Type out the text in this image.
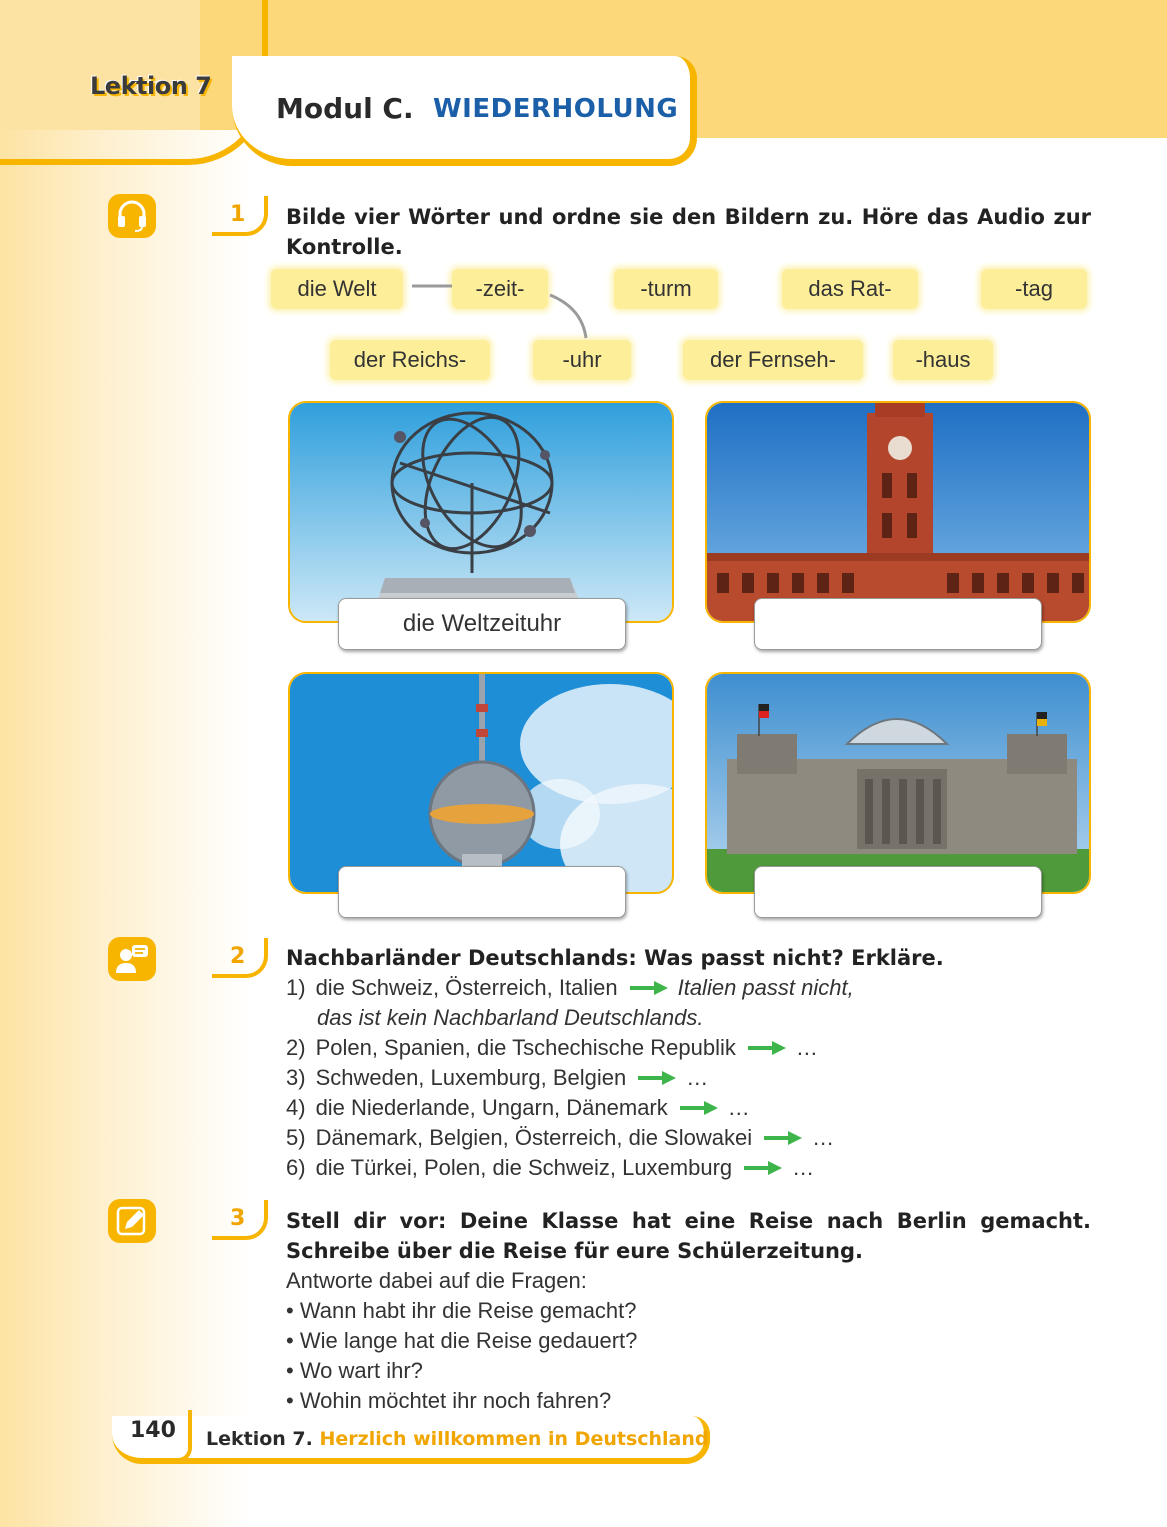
Lektion 7
Modul C. WIEDERHOLUNG
1 Bilde vier Wörter und ordne sie den Bildern zu. Höre das Audio zur Kontrolle.
die Welt	-zeit-	-turm	das Rat-	-tag
der Reichs-	-uhr	der Fernseh-	-haus
die Weltzeituhr
2 Nachbarländer Deutschlands: Was passt nicht? Erkläre.
1) die Schweiz, Österreich, Italien	Italien passt nicht,
das ist kein Nachbarland Deutschlands.
2) Polen, Spanien, die Tschechische Republik	…
3) Schweden, Luxemburg, Belgien	…
4) die Niederlande, Ungarn, Dänemark	…
5) Dänemark, Belgien, Österreich, die Slowakei	…
6) die Türkei, Polen, die Schweiz, Luxemburg	…
3 Stell dir vor: Deine Klasse hat eine Reise nach Berlin gemacht. Schreibe über die Reise für eure Schülerzeitung.
Antworte dabei auf die Fragen:
• Wann habt ihr die Reise gemacht?
• Wie lange hat die Reise gedauert?
• Wo wart ihr?
• Wohin möchtet ihr noch fahren?
140 Lektion 7. Herzlich willkommen in Deutschland
